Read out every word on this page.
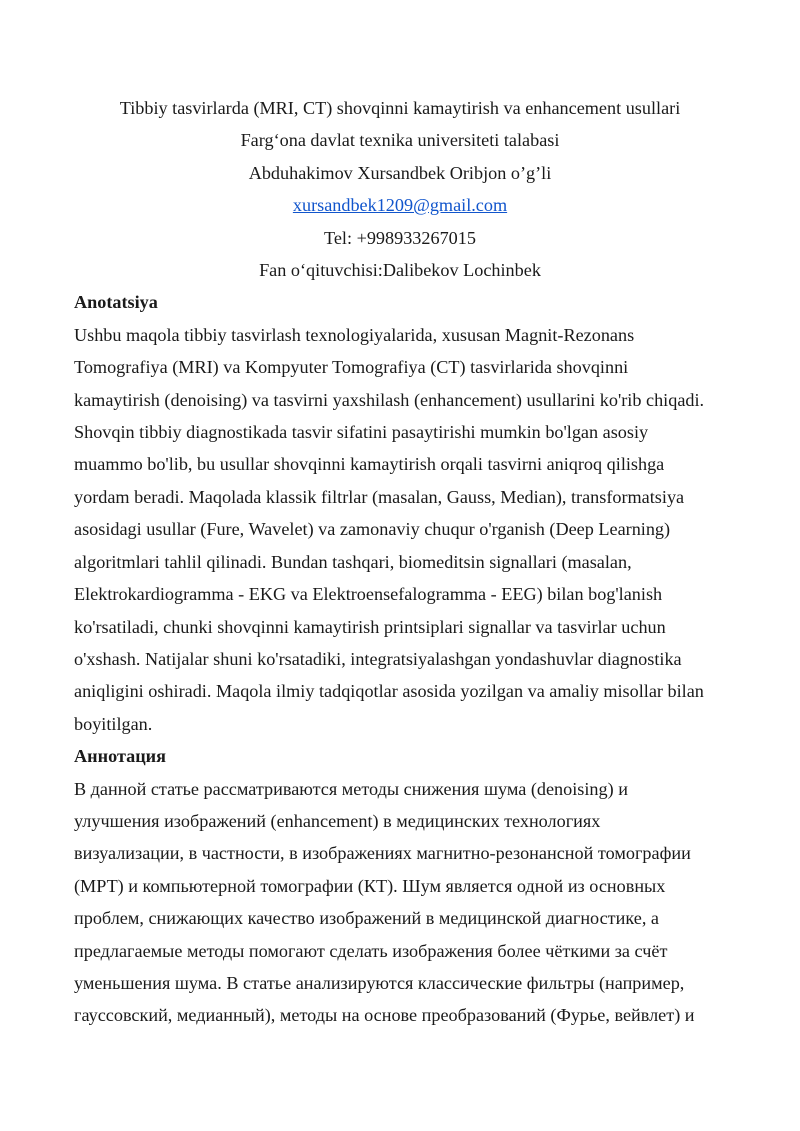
Tibbiy tasvirlarda (MRI, CT) shovqinni kamaytirish va enhancement usullari

Farg‘ona davlat texnika universiteti talabasi

Abduhakimov Xursandbek Oribjon o’g’li

xursandbek1209@gmail.com

Tel: +998933267015

Fan o‘qituvchisi:Dalibekov Lochinbek

Anotatsiya

Ushbu maqola tibbiy tasvirlash texnologiyalarida, xususan Magnit-Rezonans
Tomografiya (MRI) va Kompyuter Tomografiya (CT) tasvirlarida shovqinni
kamaytirish (denoising) va tasvirni yaxshilash (enhancement) usullarini ko'rib chiqadi.
Shovqin tibbiy diagnostikada tasvir sifatini pasaytirishi mumkin bo'lgan asosiy
muammo bo'lib, bu usullar shovqinni kamaytirish orqali tasvirni aniqroq qilishga
yordam beradi. Maqolada klassik filtrlar (masalan, Gauss, Median), transformatsiya
asosidagi usullar (Fure, Wavelet) va zamonaviy chuqur o'rganish (Deep Learning)
algoritmlari tahlil qilinadi. Bundan tashqari, biomeditsin signallari (masalan,
Elektrokardiogramma - EKG va Elektroensefalogramma - EEG) bilan bog'lanish
ko'rsatiladi, chunki shovqinni kamaytirish printsiplari signallar va tasvirlar uchun
o'xshash. Natijalar shuni ko'rsatadiki, integratsiyalashgan yondashuvlar diagnostika
aniqligini oshiradi. Maqola ilmiy tadqiqotlar asosida yozilgan va amaliy misollar bilan
boyitilgan.

Аннотация

В данной статье рассматриваются методы снижения шума (denoising) и
улучшения изображений (enhancement) в медицинских технологиях
визуализации, в частности, в изображениях магнитно-резонансной томографии
(МРТ) и компьютерной томографии (КТ). Шум является одной из основных
проблем, снижающих качество изображений в медицинской диагностике, а
предлагаемые методы помогают сделать изображения более чёткими за счёт
уменьшения шума. В статье анализируются классические фильтры (например,
гауссовский, медианный), методы на основе преобразований (Фурье, вейвлет) и
